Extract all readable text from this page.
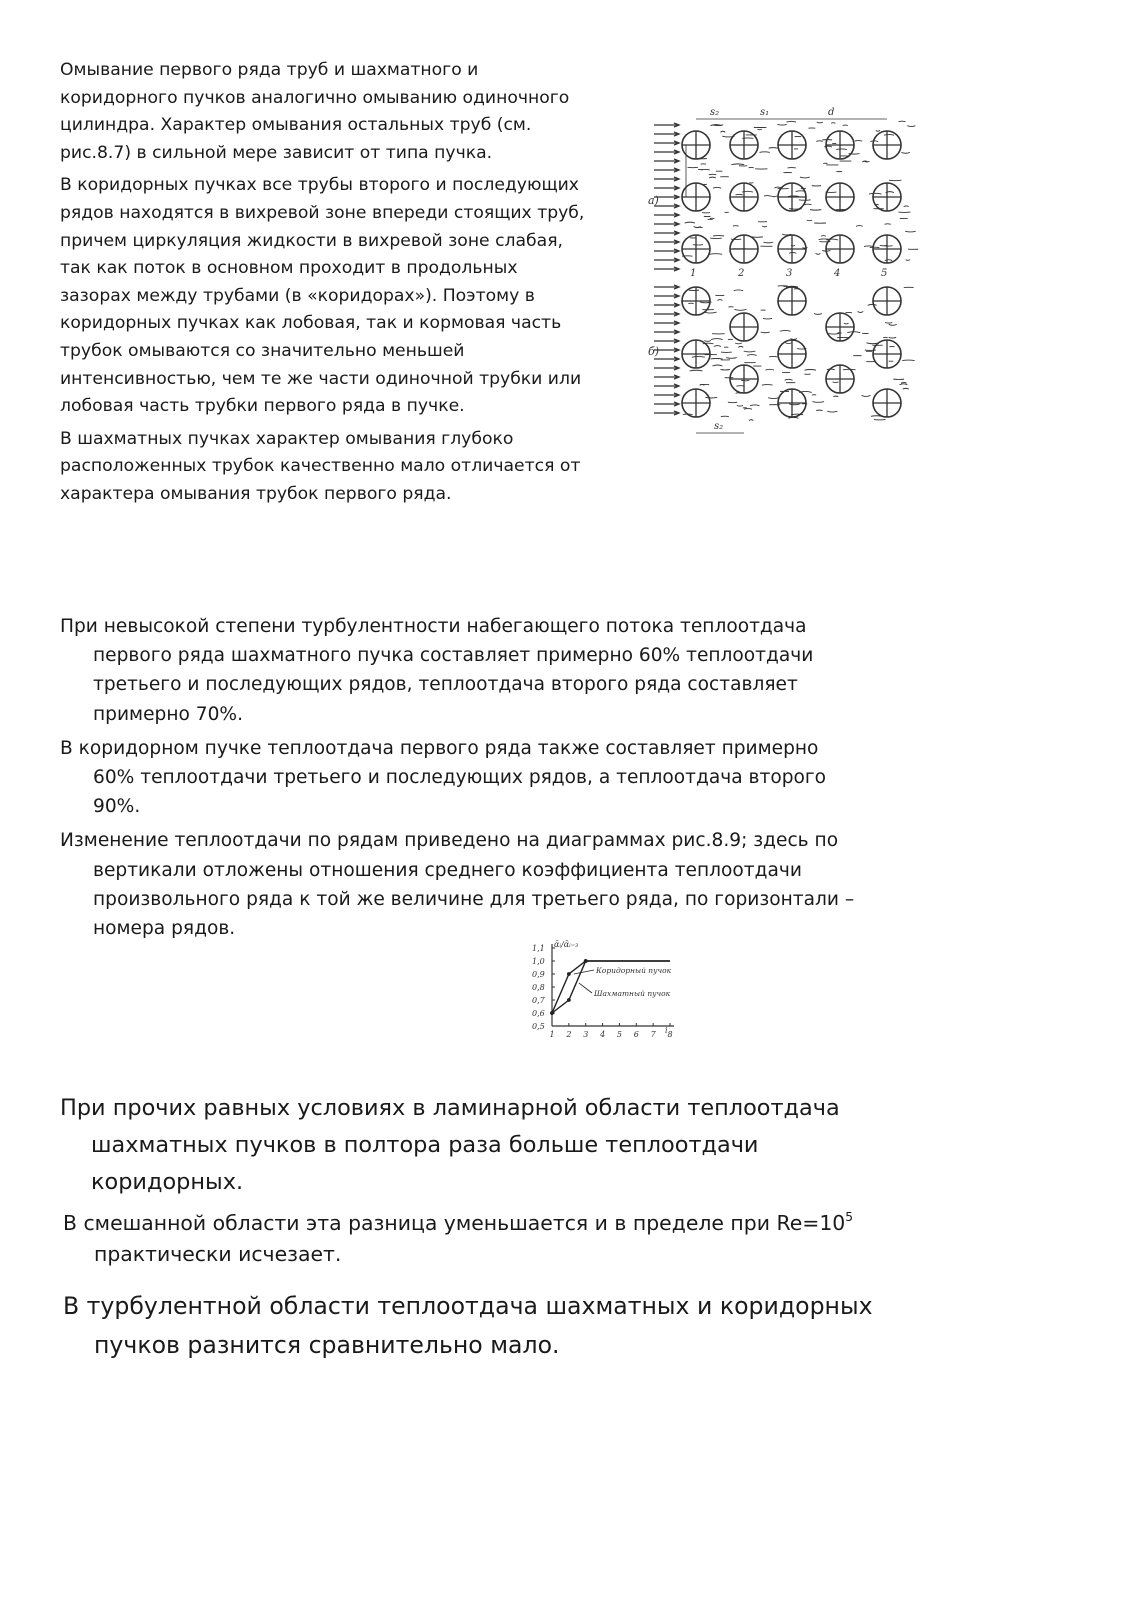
Омывание первого ряда труб и шахматного и коридорного пучков аналогично омыванию одиночного цилиндра. Характер омывания остальных труб (см. рис.8.7) в сильной мере зависит от типа пучка.

В коридорных пучках все трубы второго и последующих рядов находятся в вихревой зоне впереди стоящих труб, причем циркуляция жидкости в вихревой зоне слабая, так как поток в основном проходит в продольных зазорах между трубами (в «коридорах»). Поэтому в коридорных пучках как лобовая, так и кормовая часть трубок омываются со значительно меньшей интенсивностью, чем те же части одиночной трубки или лобовая часть трубки первого ряда в пучке.

В шахматных пучках характер омывания глубоко расположенных трубок качественно мало отличается от характера омывания трубок первого ряда.

а)
б)
s₂	s₁	d
s₂
1	2	3	4	5

При невысокой степени турбулентности набегающего потока теплоотдача первого ряда шахматного пучка составляет примерно 60% теплоотдачи третьего и последующих рядов, теплоотдача второго ряда составляет примерно 70%.

В коридорном пучке теплоотдача первого ряда также составляет примерно 60% теплоотдачи третьего и последующих рядов, а теплоотдача второго 90%.

Изменение теплоотдачи по рядам приведено на диаграммах рис.8.9; здесь по вертикали отложены отношения среднего коэффициента теплоотдачи произвольного ряда к той же величине для третьего ряда, по горизонтали – номера рядов.

1,1
1,0
0,9
0,8
0,7
0,6
0,5
1 2 3 4 5 6 7 8
ᾱᵢ/ᾱᵢ₌₃
i
Коридорный пучок
Шахматный пучок

При прочих равных условиях в ламинарной области теплоотдача шахматных пучков в полтора раза больше теплоотдачи коридорных.

В смешанной области эта разница уменьшается и в пределе при $Re=10^5$ практически исчезает.

В турбулентной области теплоотдача шахматных и коридорных пучков разнится сравнительно мало.
